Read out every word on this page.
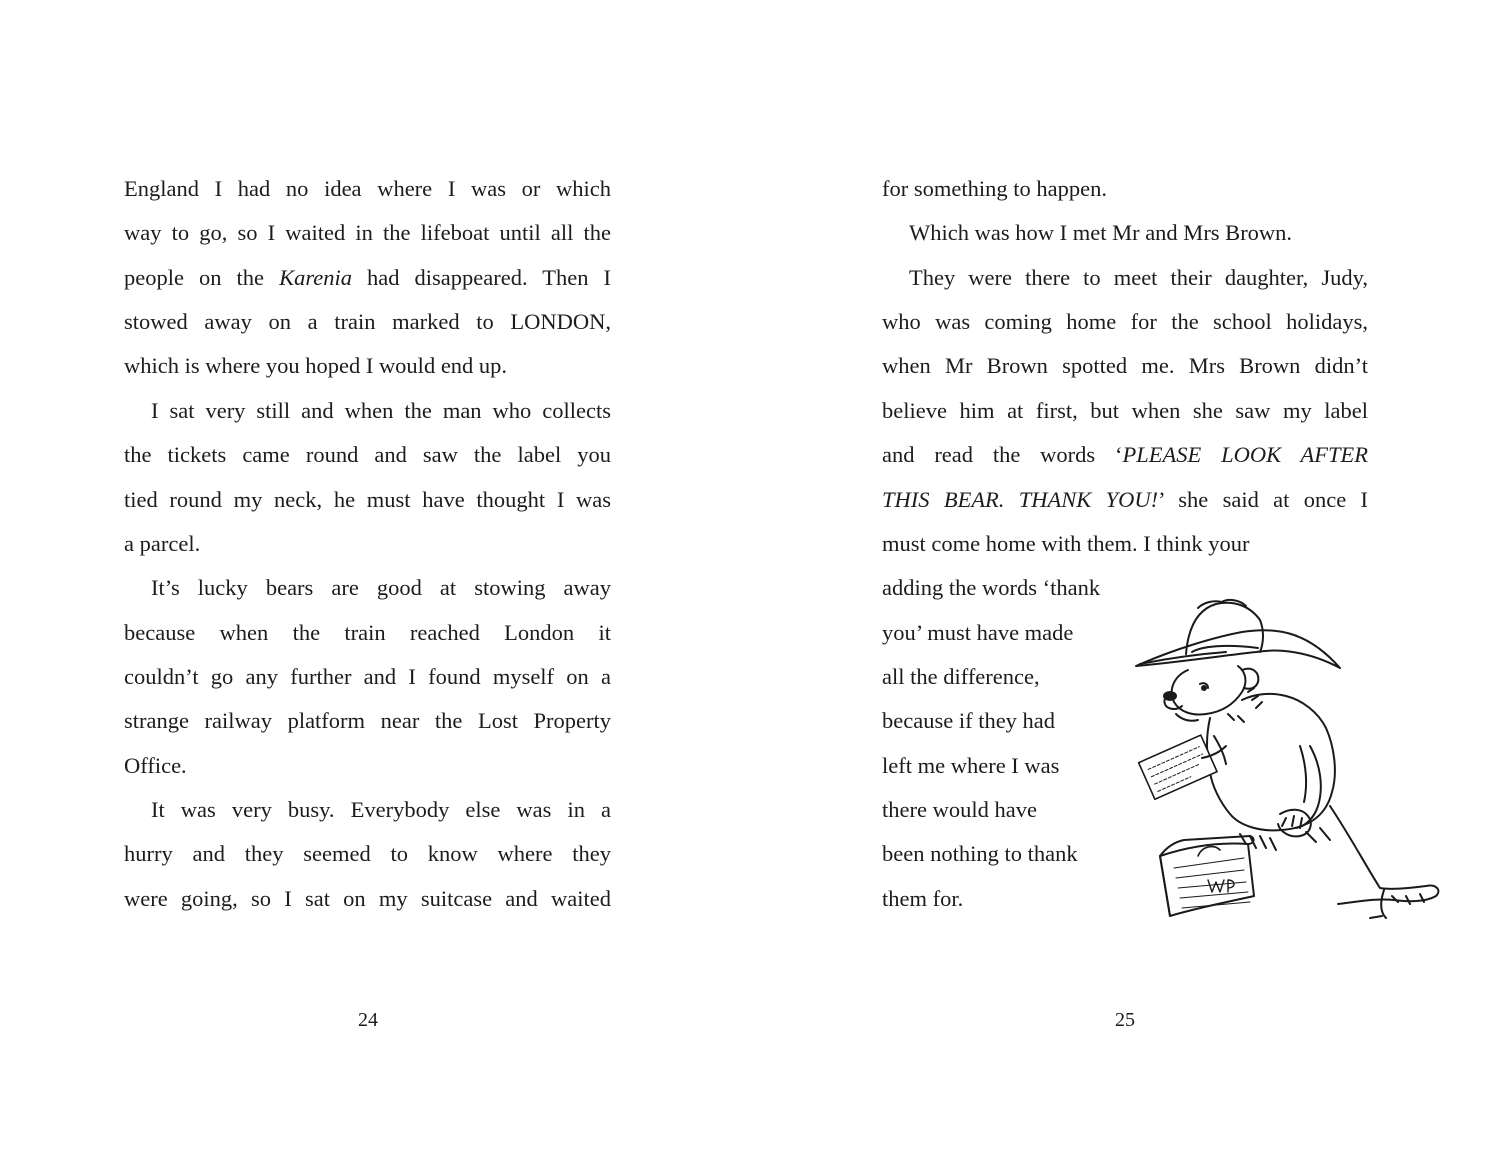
England I had no idea where I was or which
way to go, so I waited in the lifeboat until all the
people on the Karenia had disappeared. Then I
stowed away on a train marked to LONDON,
which is where you hoped I would end up.
I sat very still and when the man who collects
the tickets came round and saw the label you
tied round my neck, he must have thought I was
a parcel.
It’s lucky bears are good at stowing away
because when the train reached London it
couldn’t go any further and I found myself on a
strange railway platform near the Lost Property
Office.
It was very busy. Everybody else was in a
hurry and they seemed to know where they
were going, so I sat on my suitcase and waited
24
for something to happen.
Which was how I met Mr and Mrs Brown.
They were there to meet their daughter, Judy,
who was coming home for the school holidays,
when Mr Brown spotted me. Mrs Brown didn’t
believe him at first, but when she saw my label
and read the words ‘PLEASE LOOK AFTER
THIS BEAR. THANK YOU!’ she said at once I
must come home with them. I think your
adding the words ‘thank
you’ must have made
all the difference,
because if they had
left me where I was
there would have
been nothing to thank
them for.
25
